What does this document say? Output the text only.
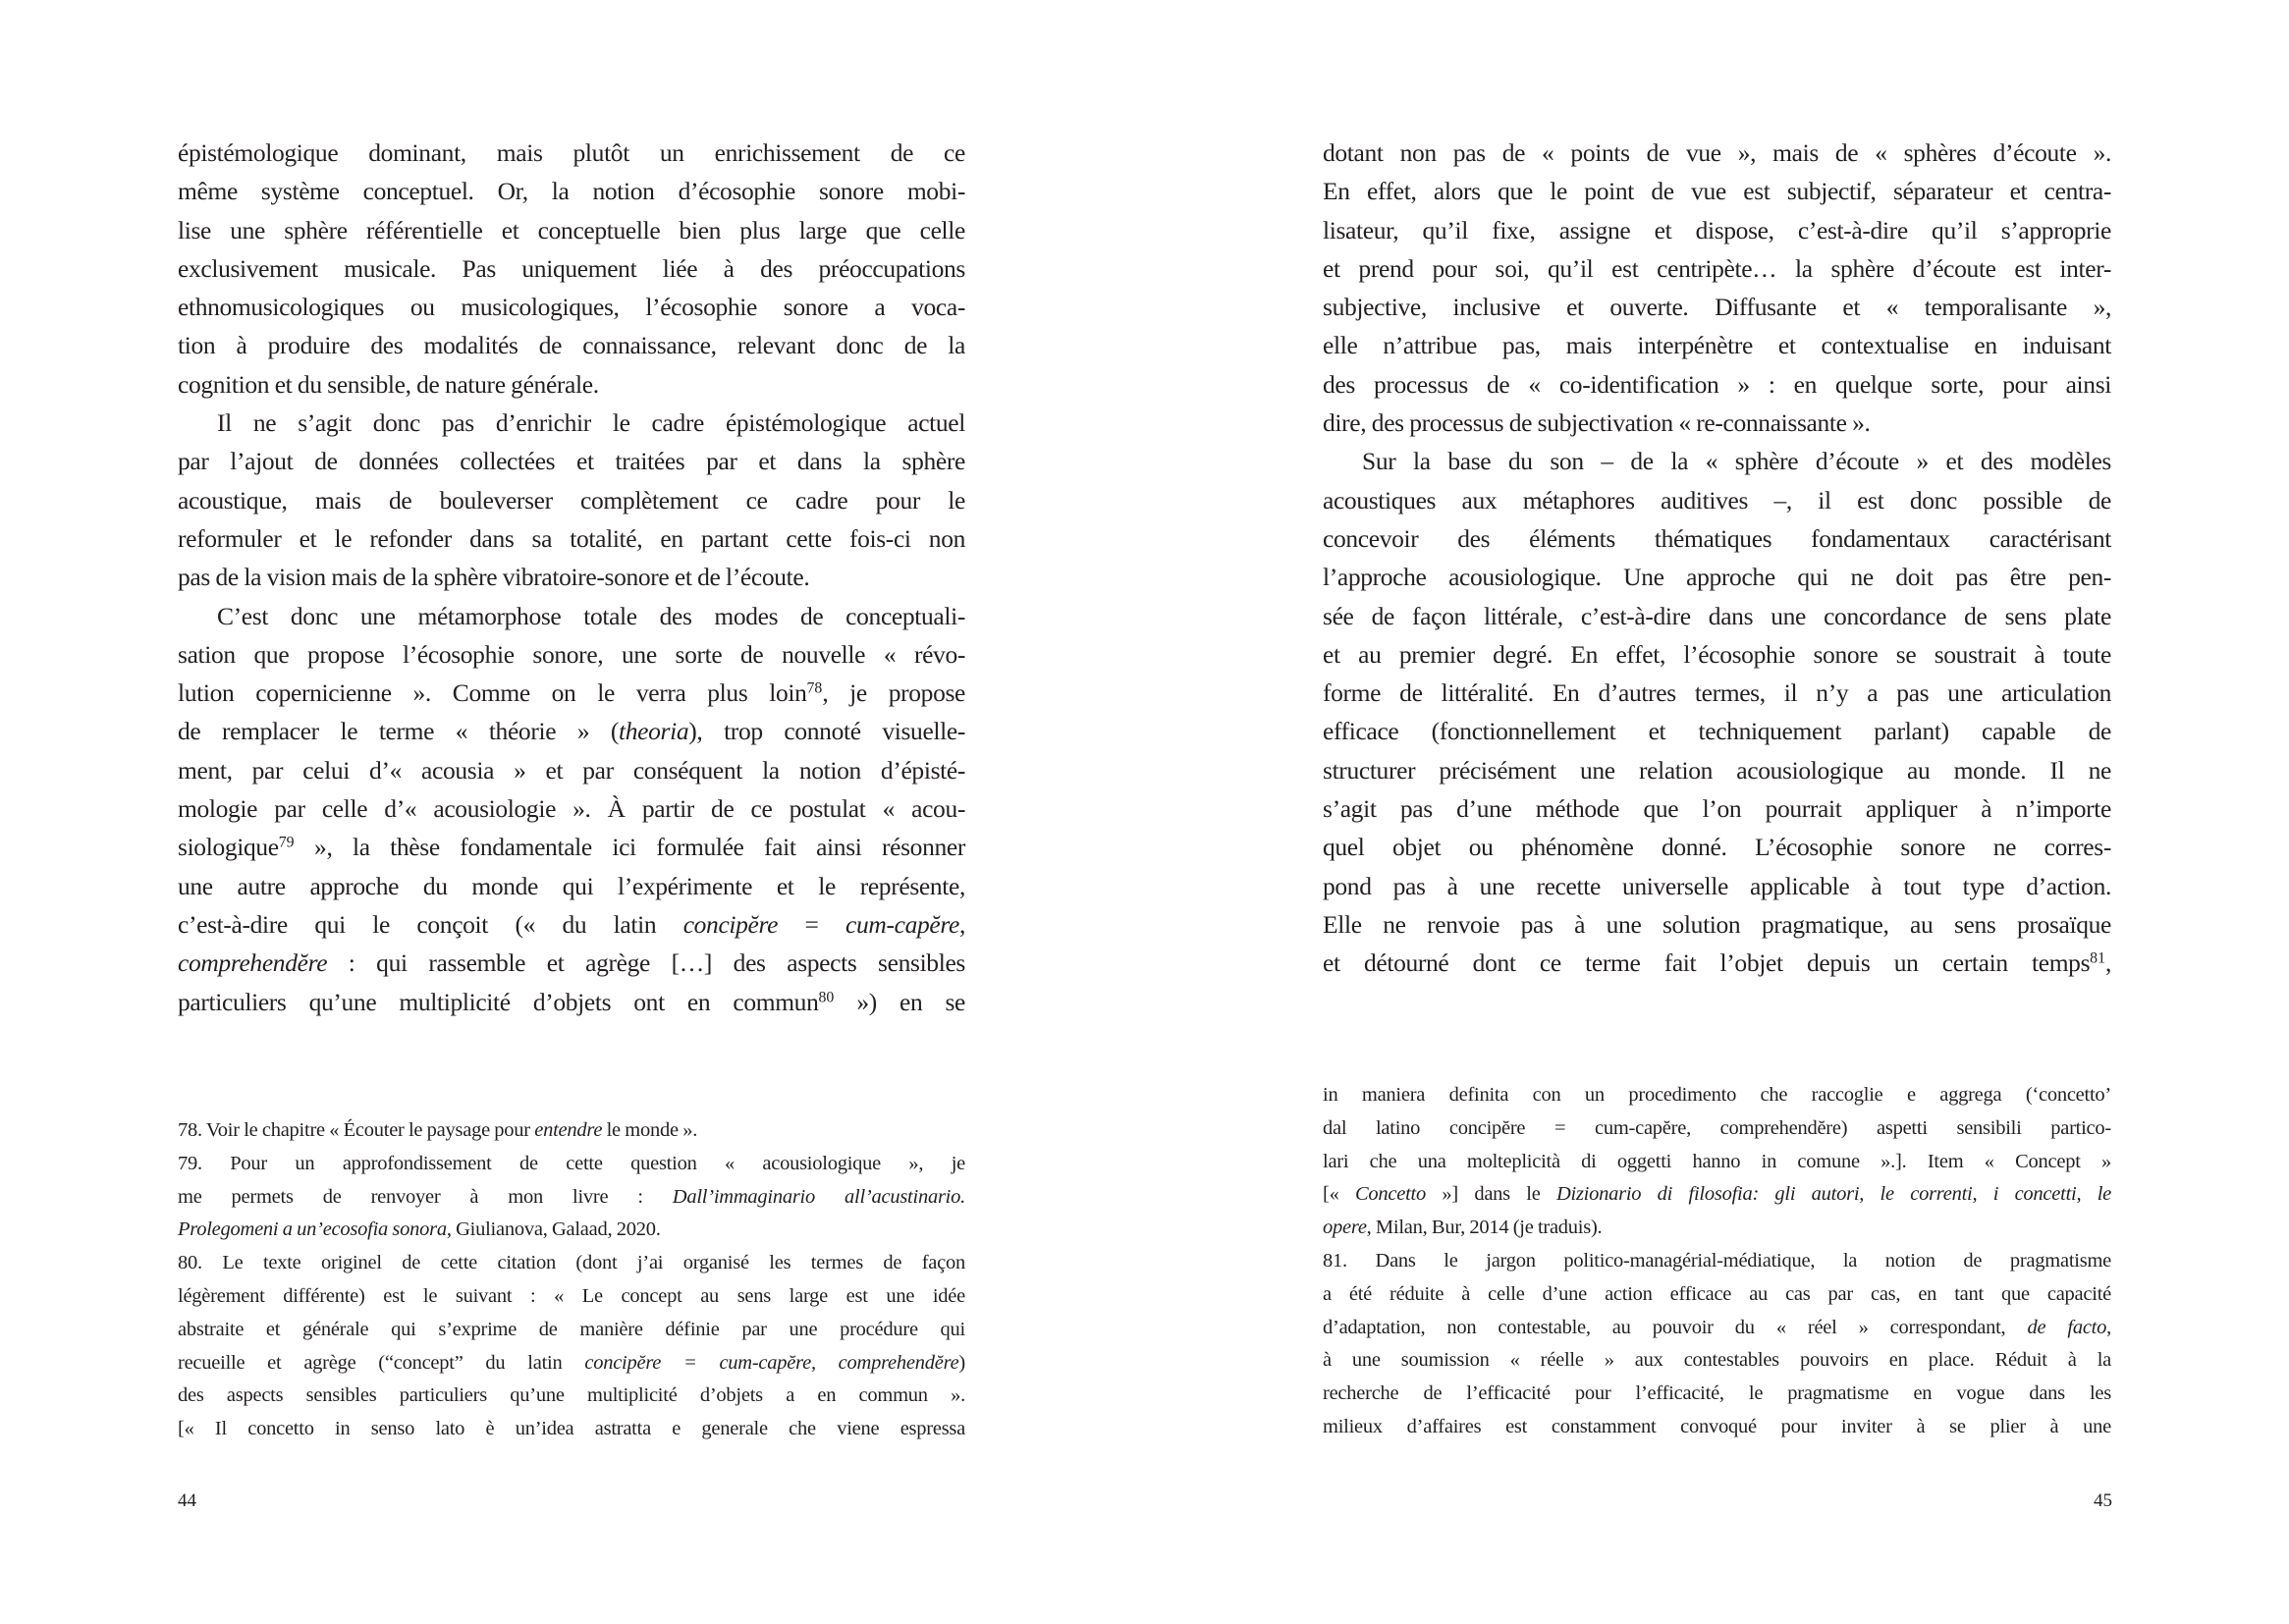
épistémologique dominant, mais plutôt un enrichissement de ce
même système conceptuel. Or, la notion d’écosophie sonore mobi-
lise une sphère référentielle et conceptuelle bien plus large que celle
exclusivement musicale. Pas uniquement liée à des préoccupations
ethnomusicologiques ou musicologiques, l’écosophie sonore a voca-
tion à produire des modalités de connaissance, relevant donc de la
cognition et du sensible, de nature générale.
Il ne s’agit donc pas d’enrichir le cadre épistémologique actuel
par l’ajout de données collectées et traitées par et dans la sphère
acoustique, mais de bouleverser complètement ce cadre pour le
reformuler et le refonder dans sa totalité, en partant cette fois-ci non
pas de la vision mais de la sphère vibratoire-sonore et de l’écoute.
C’est donc une métamorphose totale des modes de conceptuali-
sation que propose l’écosophie sonore, une sorte de nouvelle « révo-
lution copernicienne ». Comme on le verra plus loin$^{78}$, je propose
de remplacer le terme « théorie » (theoria), trop connoté visuelle-
ment, par celui d’« acousia » et par conséquent la notion d’épisté-
mologie par celle d’« acousiologie ». À partir de ce postulat « acou-
siologique$^{79}$ », la thèse fondamentale ici formulée fait ainsi résonner
une autre approche du monde qui l’expérimente et le représente,
c’est-à-dire qui le conçoit (« du latin concipĕre = cum-capĕre,
comprehendĕre : qui rassemble et agrège […] des aspects sensibles
particuliers qu’une multiplicité d’objets ont en commun$^{80}$ ») en se
78. Voir le chapitre « Écouter le paysage pour entendre le monde ».
79. Pour un approfondissement de cette question « acousiologique », je
me permets de renvoyer à mon livre : Dall’immaginario all’acustinario.
Prolegomeni a un’ecosofia sonora, Giulianova, Galaad, 2020.
80. Le texte originel de cette citation (dont j’ai organisé les termes de façon
légèrement différente) est le suivant : « Le concept au sens large est une idée
abstraite et générale qui s’exprime de manière définie par une procédure qui
recueille et agrège (“concept” du latin concipĕre = cum-capĕre, comprehendĕre)
des aspects sensibles particuliers qu’une multiplicité d’objets a en commun ».
[« Il concetto in senso lato è un’idea astratta e generale che viene espressa
44
dotant non pas de « points de vue », mais de « sphères d’écoute ».
En effet, alors que le point de vue est subjectif, séparateur et centra-
lisateur, qu’il fixe, assigne et dispose, c’est-à-dire qu’il s’approprie
et prend pour soi, qu’il est centripète… la sphère d’écoute est inter-
subjective, inclusive et ouverte. Diffusante et « temporalisante »,
elle n’attribue pas, mais interpénètre et contextualise en induisant
des processus de « co-identification » : en quelque sorte, pour ainsi
dire, des processus de subjectivation « re-connaissante ».
Sur la base du son – de la « sphère d’écoute » et des modèles
acoustiques aux métaphores auditives –, il est donc possible de
concevoir des éléments thématiques fondamentaux caractérisant
l’approche acousiologique. Une approche qui ne doit pas être pen-
sée de façon littérale, c’est-à-dire dans une concordance de sens plate
et au premier degré. En effet, l’écosophie sonore se soustrait à toute
forme de littéralité. En d’autres termes, il n’y a pas une articulation
efficace (fonctionnellement et techniquement parlant) capable de
structurer précisément une relation acousiologique au monde. Il ne
s’agit pas d’une méthode que l’on pourrait appliquer à n’importe
quel objet ou phénomène donné. L’écosophie sonore ne corres-
pond pas à une recette universelle applicable à tout type d’action.
Elle ne renvoie pas à une solution pragmatique, au sens prosaïque
et détourné dont ce terme fait l’objet depuis un certain temps$^{81}$,
in maniera definita con un procedimento che raccoglie e aggrega (‘concetto’
dal latino concipĕre = cum-capĕre, comprehendĕre) aspetti sensibili partico-
lari che una molteplicità di oggetti hanno in comune ».]. Item « Concept »
[« Concetto »] dans le Dizionario di filosofia: gli autori, le correnti, i concetti, le
opere, Milan, Bur, 2014 (je traduis).
81. Dans le jargon politico-managérial-médiatique, la notion de pragmatisme
a été réduite à celle d’une action efficace au cas par cas, en tant que capacité
d’adaptation, non contestable, au pouvoir du « réel » correspondant, de facto,
à une soumission « réelle » aux contestables pouvoirs en place. Réduit à la
recherche de l’efficacité pour l’efficacité, le pragmatisme en vogue dans les
milieux d’affaires est constamment convoqué pour inviter à se plier à une
45
